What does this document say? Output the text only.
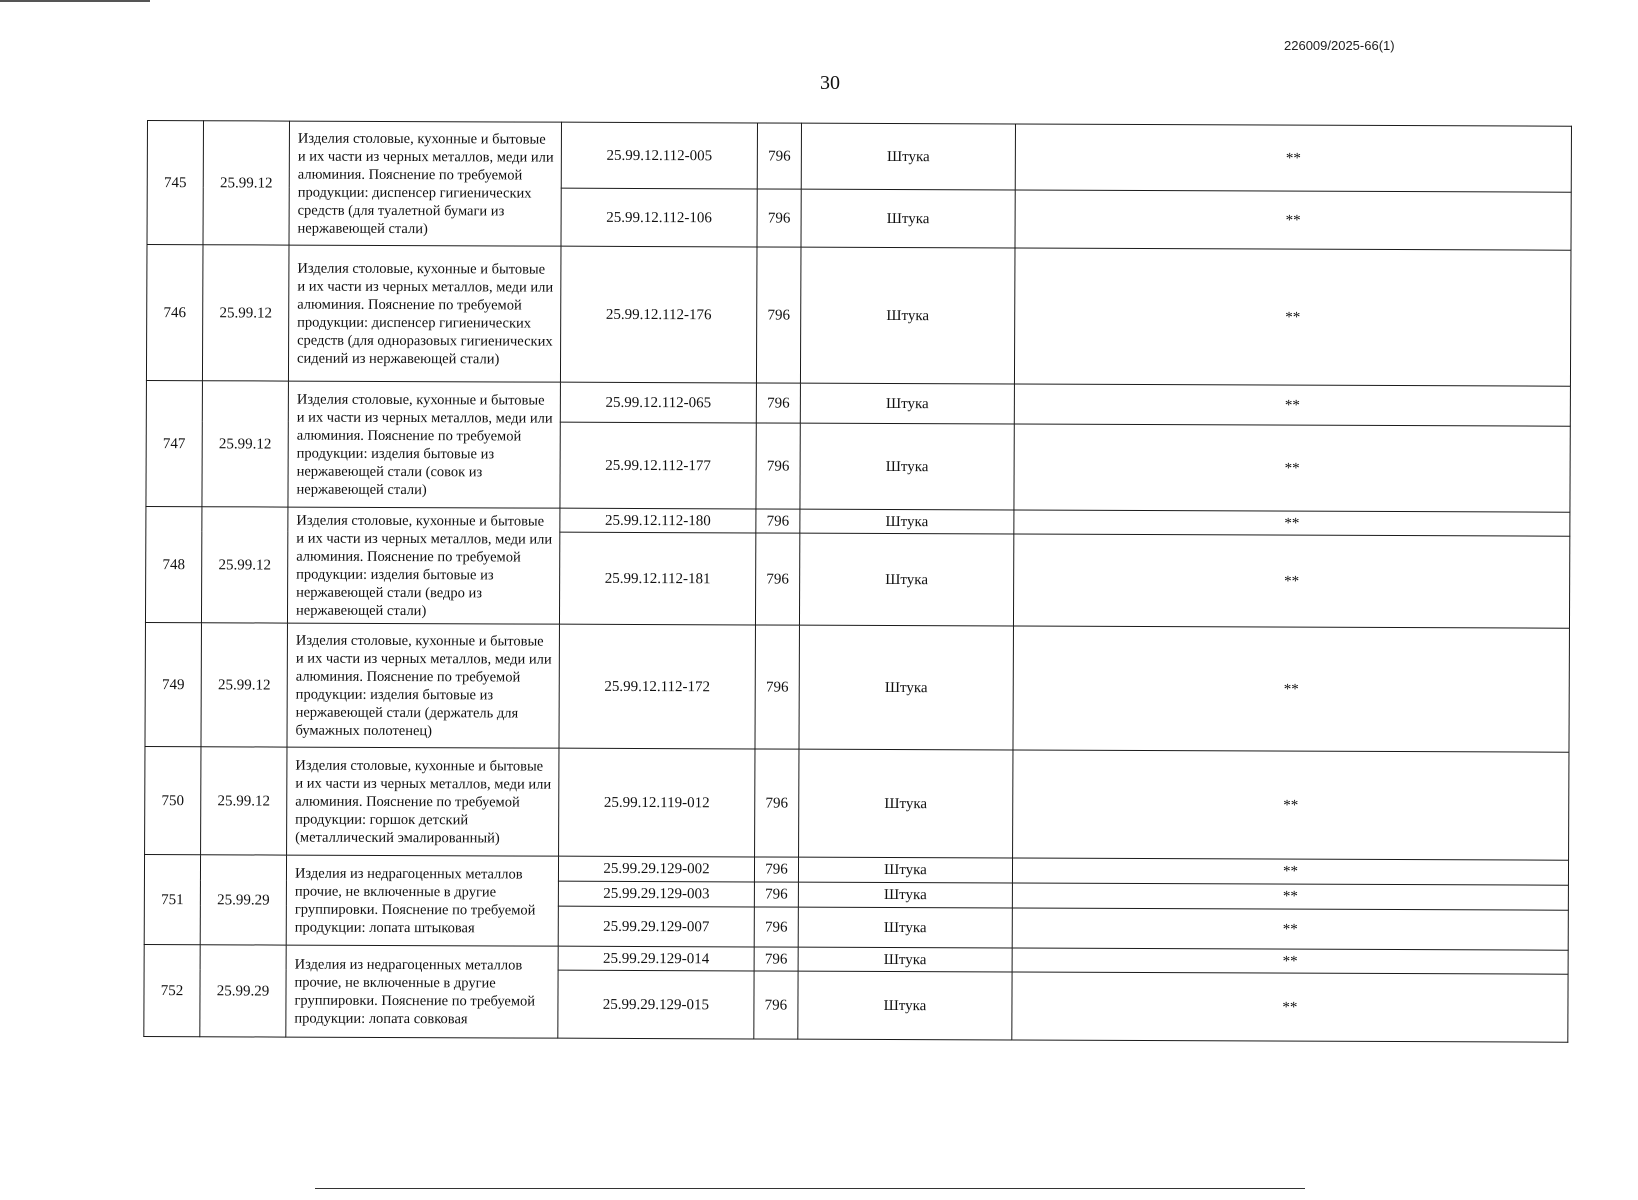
226009/2025-66(1)
30
745	25.99.12	Изделия столовые, кухонные и бытовые и их части из черных металлов, меди или алюминия. Пояснение по требуемой продукции: диспенсер гигиенических средств (для туалетной бумаги из нержавеющей стали)	25.99.12.112-005	796	Штука	**
			25.99.12.112-106	796	Штука	**
746	25.99.12	Изделия столовые, кухонные и бытовые и их части из черных металлов, меди или алюминия. Пояснение по требуемой продукции: диспенсер гигиенических средств (для одноразовых гигиенических сидений из нержавеющей стали)	25.99.12.112-176	796	Штука	**
747	25.99.12	Изделия столовые, кухонные и бытовые и их части из черных металлов, меди или алюминия. Пояснение по требуемой продукции: изделия бытовые из нержавеющей стали (совок из нержавеющей стали)	25.99.12.112-065	796	Штука	**
			25.99.12.112-177	796	Штука	**
748	25.99.12	Изделия столовые, кухонные и бытовые и их части из черных металлов, меди или алюминия. Пояснение по требуемой продукции: изделия бытовые из нержавеющей стали (ведро из нержавеющей стали)	25.99.12.112-180	796	Штука	**
			25.99.12.112-181	796	Штука	**
749	25.99.12	Изделия столовые, кухонные и бытовые и их части из черных металлов, меди или алюминия. Пояснение по требуемой продукции: изделия бытовые из нержавеющей стали (держатель для бумажных полотенец)	25.99.12.112-172	796	Штука	**
750	25.99.12	Изделия столовые, кухонные и бытовые и их части из черных металлов, меди или алюминия. Пояснение по требуемой продукции: горшок детский (металлический эмалированный)	25.99.12.119-012	796	Штука	**
751	25.99.29	Изделия из недрагоценных металлов прочие, не включенные в другие группировки. Пояснение по требуемой продукции: лопата штыковая	25.99.29.129-002	796	Штука	**
			25.99.29.129-003	796	Штука	**
			25.99.29.129-007	796	Штука	**
752	25.99.29	Изделия из недрагоценных металлов прочие, не включенные в другие группировки. Пояснение по требуемой продукции: лопата совковая	25.99.29.129-014	796	Штука	**
			25.99.29.129-015	796	Штука	**
